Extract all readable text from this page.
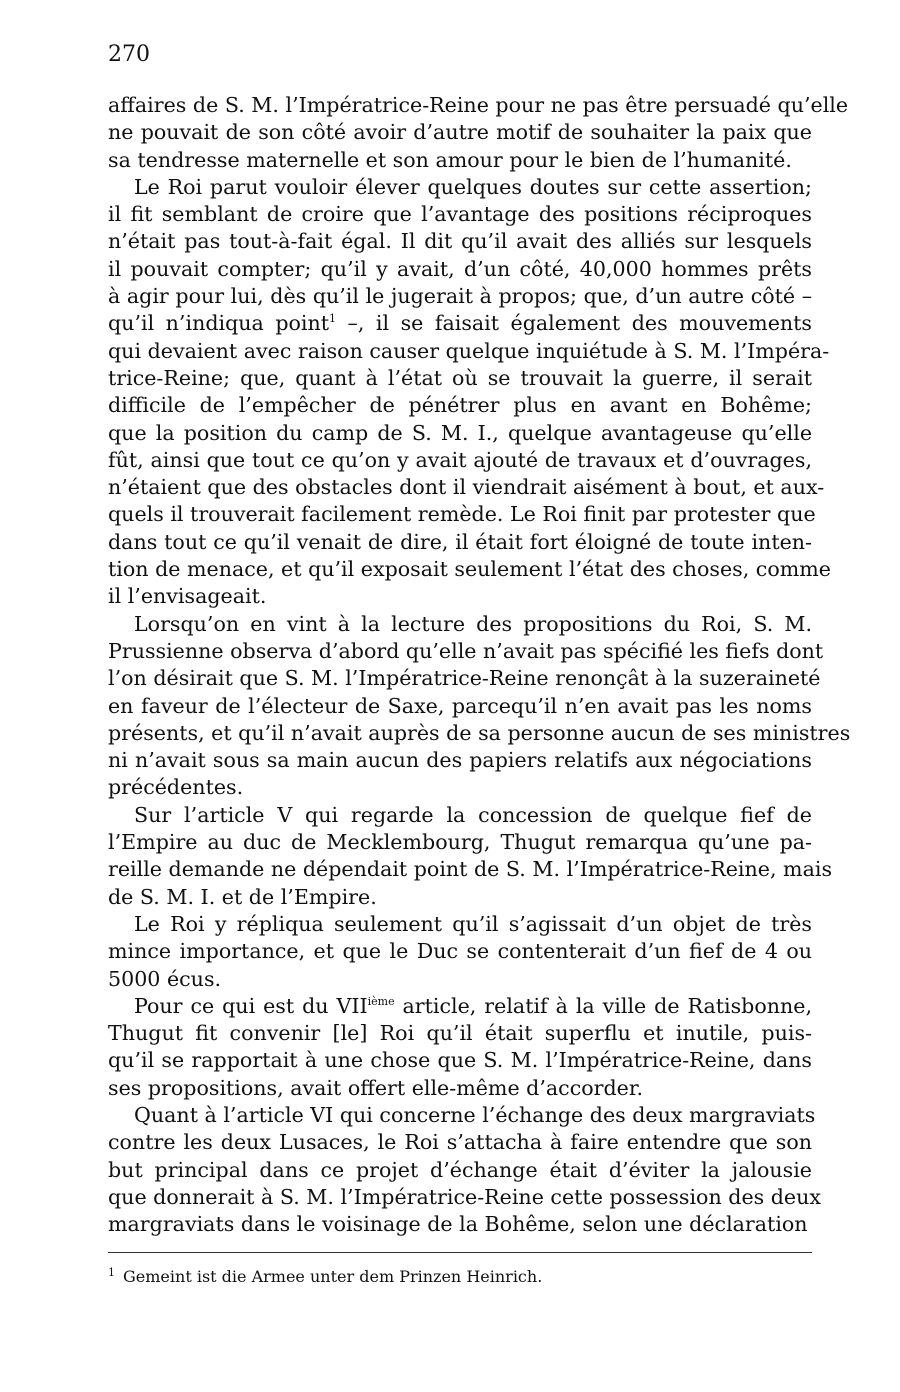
270
affaires de S. M. l’Impératrice-Reine pour ne pas être persuadé qu’elle
ne pouvait de son côté avoir d’autre motif de souhaiter la paix que
sa tendresse maternelle et son amour pour le bien de l’humanité.
Le Roi parut vouloir élever quelques doutes sur cette assertion;
il fit semblant de croire que l’avantage des positions réciproques
n’était pas tout-à-fait égal. Il dit qu’il avait des alliés sur lesquels
il pouvait compter; qu’il y avait, d’un côté, 40,000 hommes prêts
à agir pour lui, dès qu’il le jugerait à propos; que, d’un autre côté –
qu’il n’indiqua point$^1$ –, il se faisait également des mouvements
qui devaient avec raison causer quelque inquiétude à S. M. l’Impéra-
trice-Reine; que, quant à l’état où se trouvait la guerre, il serait
difficile de l’empêcher de pénétrer plus en avant en Bohême;
que la position du camp de S. M. I., quelque avantageuse qu’elle
fût, ainsi que tout ce qu’on y avait ajouté de travaux et d’ouvrages,
n’étaient que des obstacles dont il viendrait aisément à bout, et aux-
quels il trouverait facilement remède. Le Roi finit par protester que
dans tout ce qu’il venait de dire, il était fort éloigné de toute inten-
tion de menace, et qu’il exposait seulement l’état des choses, comme
il l’envisageait.
Lorsqu’on en vint à la lecture des propositions du Roi, S. M.
Prussienne observa d’abord qu’elle n’avait pas spécifié les fiefs dont
l’on désirait que S. M. l’Impératrice-Reine renonçât à la suzeraineté
en faveur de l’électeur de Saxe, parcequ’il n’en avait pas les noms
présents, et qu’il n’avait auprès de sa personne aucun de ses ministres
ni n’avait sous sa main aucun des papiers relatifs aux négociations
précédentes.
Sur l’article V qui regarde la concession de quelque fief de
l’Empire au duc de Mecklembourg, Thugut remarqua qu’une pa-
reille demande ne dépendait point de S. M. l’Impératrice-Reine, mais
de S. M. I. et de l’Empire.
Le Roi y répliqua seulement qu’il s’agissait d’un objet de très
mince importance, et que le Duc se contenterait d’un fief de 4 ou
5000 écus.
Pour ce qui est du VIIième article, relatif à la ville de Ratisbonne,
Thugut fit convenir [le] Roi qu’il était superflu et inutile, puis-
qu’il se rapportait à une chose que S. M. l’Impératrice-Reine, dans
ses propositions, avait offert elle-même d’accorder.
Quant à l’article VI qui concerne l’échange des deux margraviats
contre les deux Lusaces, le Roi s’attacha à faire entendre que son
but principal dans ce projet d’échange était d’éviter la jalousie
que donnerait à S. M. l’Impératrice-Reine cette possession des deux
margraviats dans le voisinage de la Bohême, selon une déclaration
$^1$ Gemeint ist die Armee unter dem Prinzen Heinrich.
